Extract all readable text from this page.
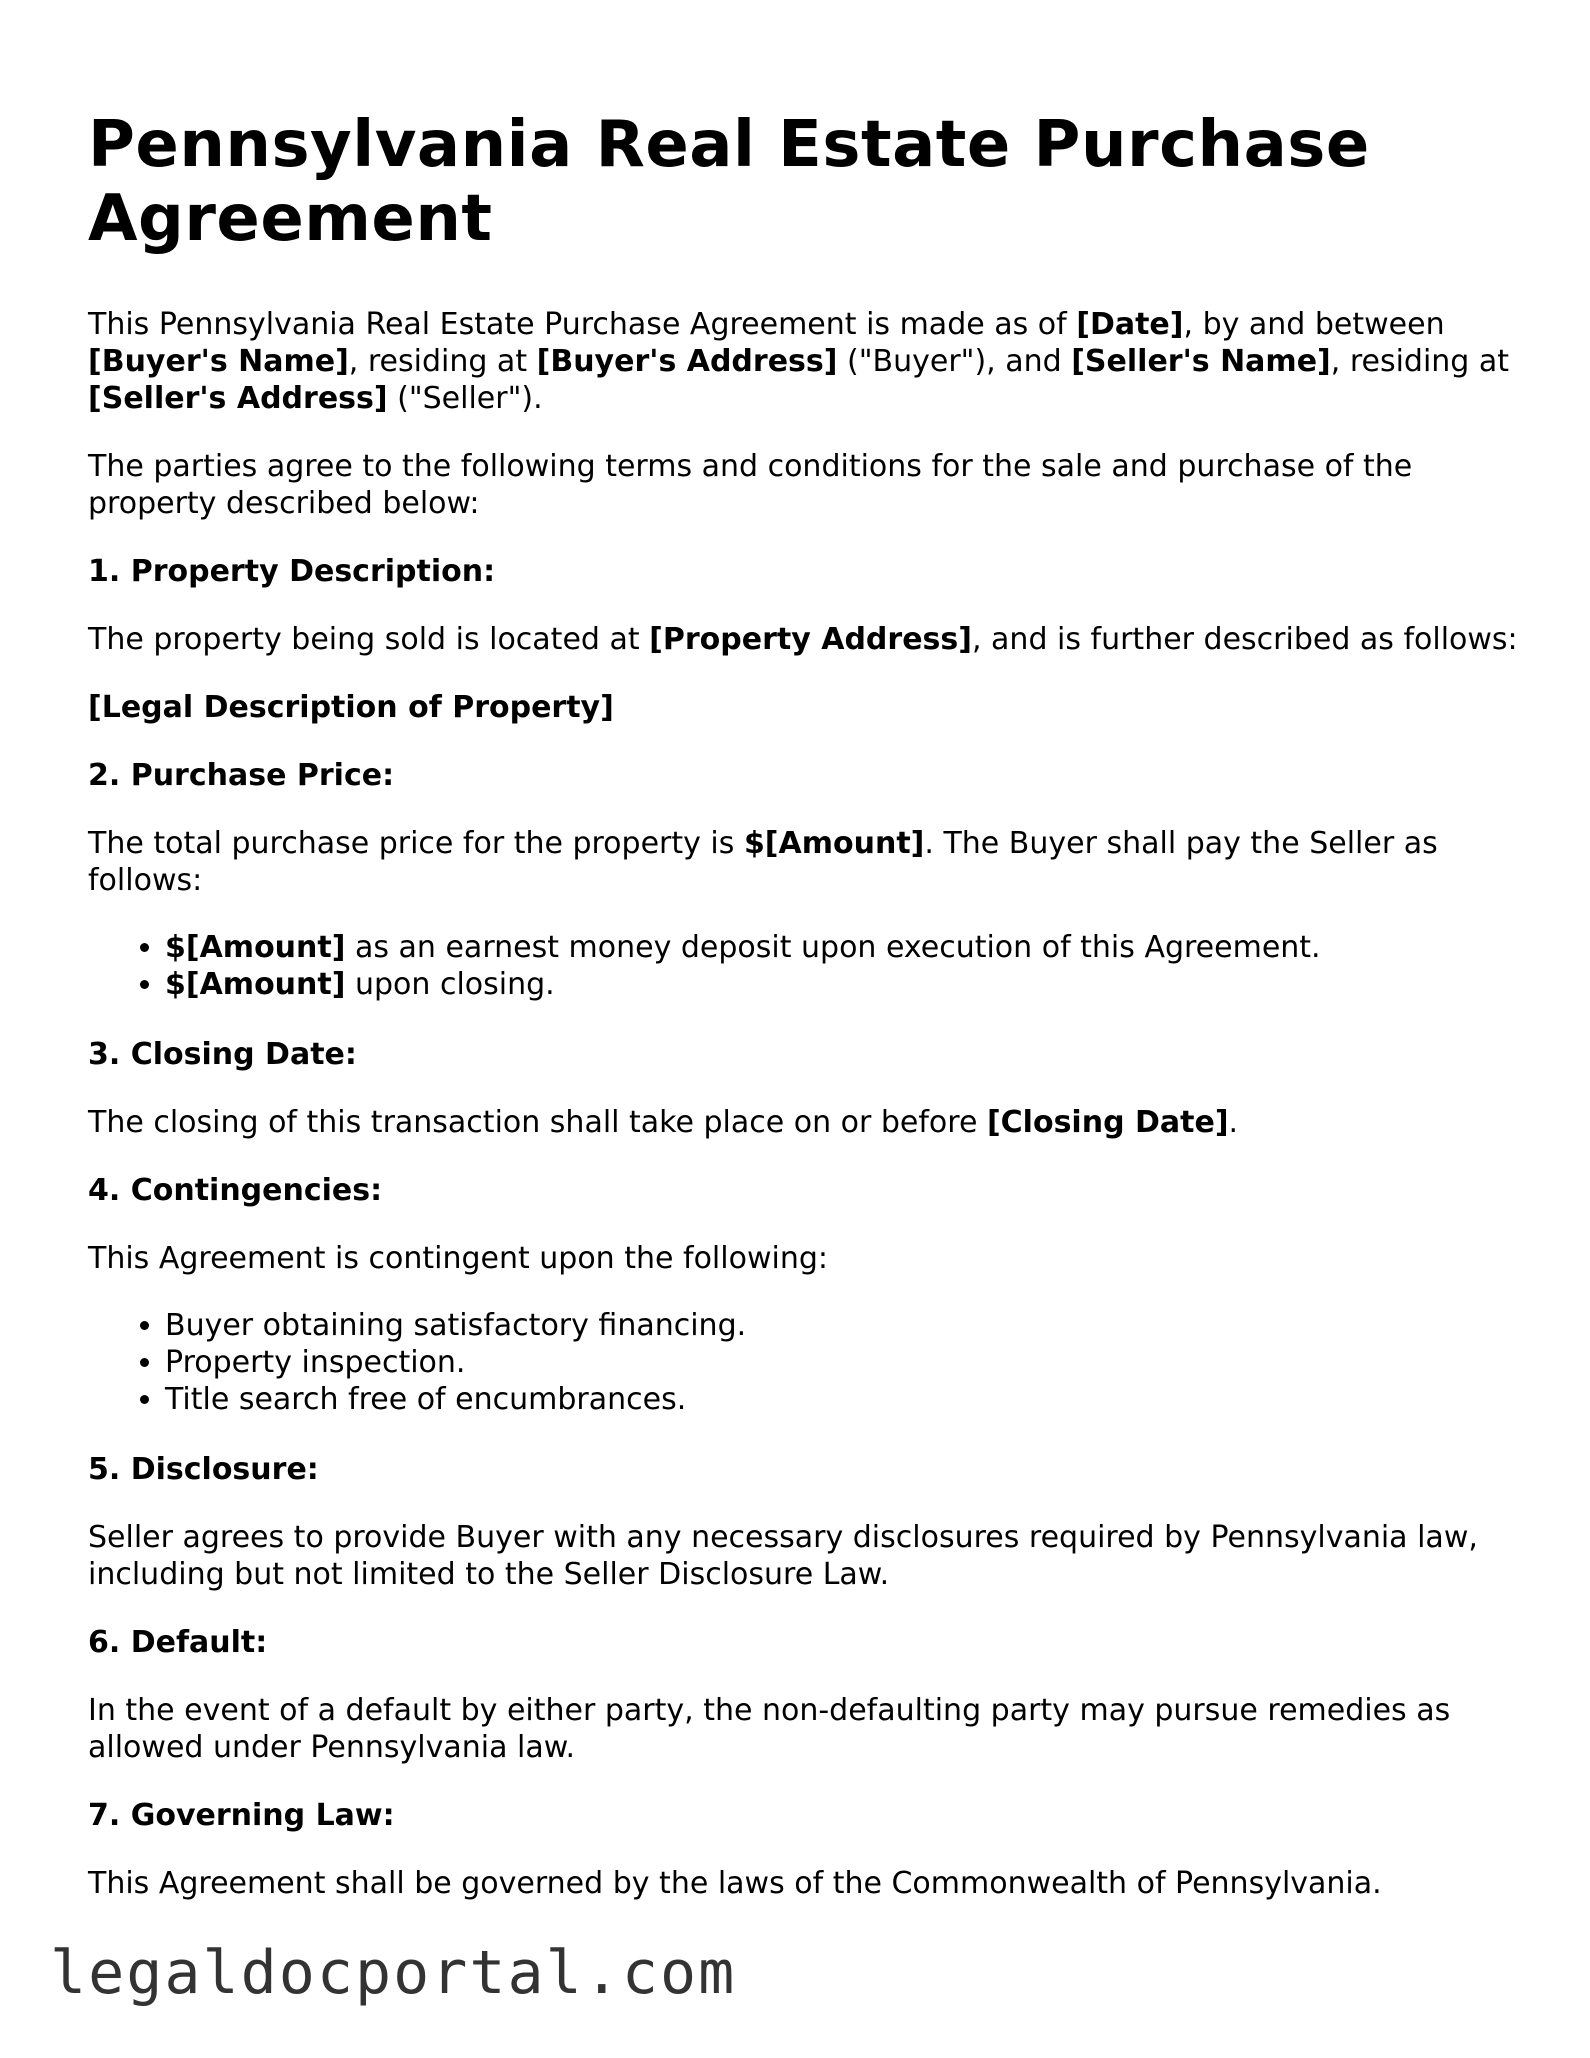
Pennsylvania Real Estate Purchase Agreement

This Pennsylvania Real Estate Purchase Agreement is made as of [Date], by and between [Buyer's Name], residing at [Buyer's Address] ("Buyer"), and [Seller's Name], residing at [Seller's Address] ("Seller").

The parties agree to the following terms and conditions for the sale and purchase of the property described below:

1. Property Description:

The property being sold is located at [Property Address], and is further described as follows:

[Legal Description of Property]

2. Purchase Price:

The total purchase price for the property is $[Amount]. The Buyer shall pay the Seller as follows:

• $[Amount] as an earnest money deposit upon execution of this Agreement.
• $[Amount] upon closing.

3. Closing Date:

The closing of this transaction shall take place on or before [Closing Date].

4. Contingencies:

This Agreement is contingent upon the following:

• Buyer obtaining satisfactory financing.
• Property inspection.
• Title search free of encumbrances.

5. Disclosure:

Seller agrees to provide Buyer with any necessary disclosures required by Pennsylvania law, including but not limited to the Seller Disclosure Law.

6. Default:

In the event of a default by either party, the non-defaulting party may pursue remedies as allowed under Pennsylvania law.

7. Governing Law:

This Agreement shall be governed by the laws of the Commonwealth of Pennsylvania.

legaldocportal.com
